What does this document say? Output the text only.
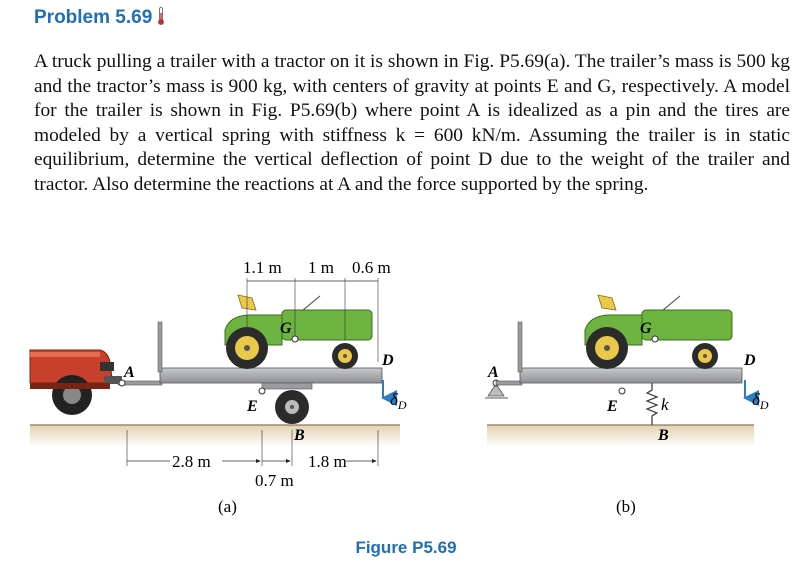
Problem 5.69
A truck pulling a trailer with a tractor on it is shown in Fig. P5.69(a). The trailer’s mass is 500 kg and the tractor’s mass is 900 kg, with centers of gravity at points E and G, respectively. A model for the trailer is shown in Fig. P5.69(b) where point A is idealized as a pin and the tires are modeled by a vertical spring with stiffness k = 600 kN/m. Assuming the trailer is in static equilibrium, determine the vertical deflection of point D due to the weight of the trailer and tractor. Also determine the reactions at A and the force supported by the spring.
1.1 m 1 m 0.6 m
2.8 m	1.8 m
0.7 m
A
D
E
G
B
$\delta_D$
(a)
A
D
E
G
B
k	$\delta_D$
(b)
Figure P5.69
